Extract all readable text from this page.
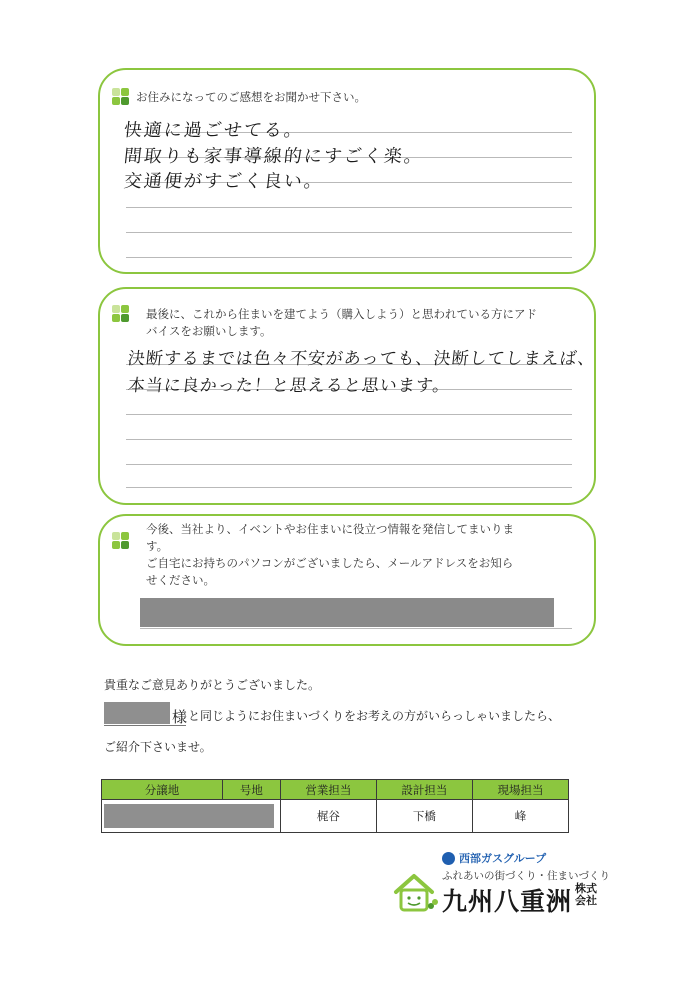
お住みになってのご感想をお聞かせ下さい。
快適に過ごせてる。
間取りも家事導線的にすごく楽。
交通便がすごく良い。
最後に、これから住まいを建てよう（購入しよう）と思われている方にアド
バイスをお願いします。
決断するまでは色々不安があっても、決断してしまえば、
本当に良かった！と思えると思います。
今後、当社より、イベントやお住まいに役立つ情報を発信してまいりま
す。
ご自宅にお持ちのパソコンがございましたら、メールアドレスをお知ら
せください。
貴重なご意見ありがとうございました。
様 と同じようにお住まいづくりをお考えの方がいらっしゃいましたら、
ご紹介下さいませ。
分譲地	号地	営業担当	設計担当	現場担当

		梶谷	下橋	峰
西部ガスグループ
ふれあいの街づくり・住まいづくり
九州八重洲 株式
会社
